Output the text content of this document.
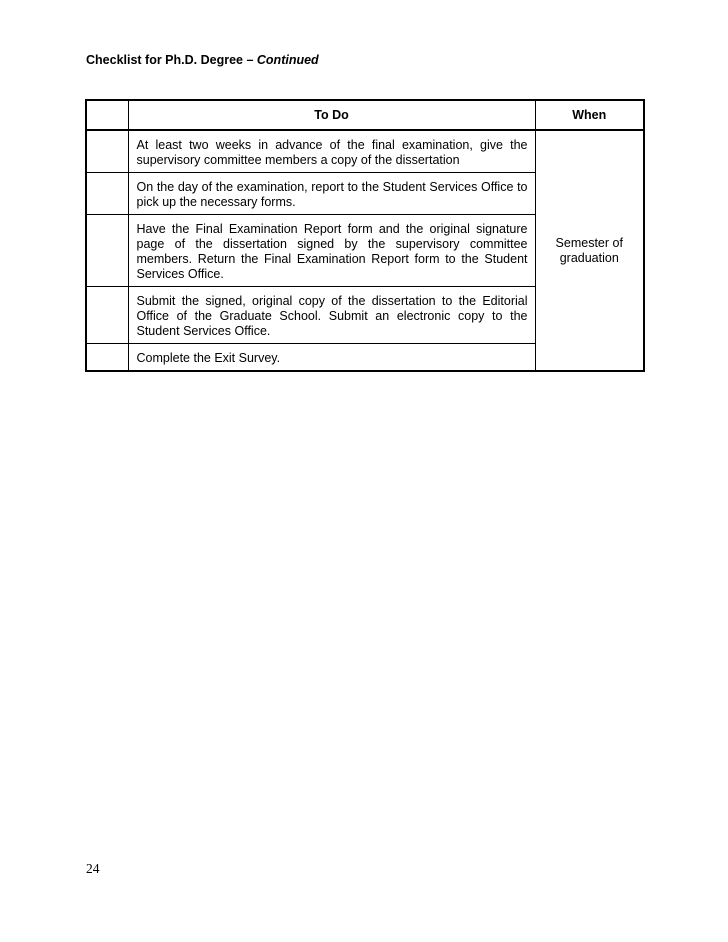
Checklist for Ph.D. Degree – Continued
	To Do	When
	At least two weeks in advance of the final examination, give the supervisory committee members a copy of the dissertation	Semester of graduation
	On the day of the examination, report to the Student Services Office to pick up the necessary forms.	
	Have the Final Examination Report form and the original signature page of the dissertation signed by the supervisory committee members. Return the Final Examination Report form to the Student Services Office.	
	Submit the signed, original copy of the dissertation to the Editorial Office of the Graduate School. Submit an electronic copy to the Student Services Office.	
	Complete the Exit Survey.	
24
